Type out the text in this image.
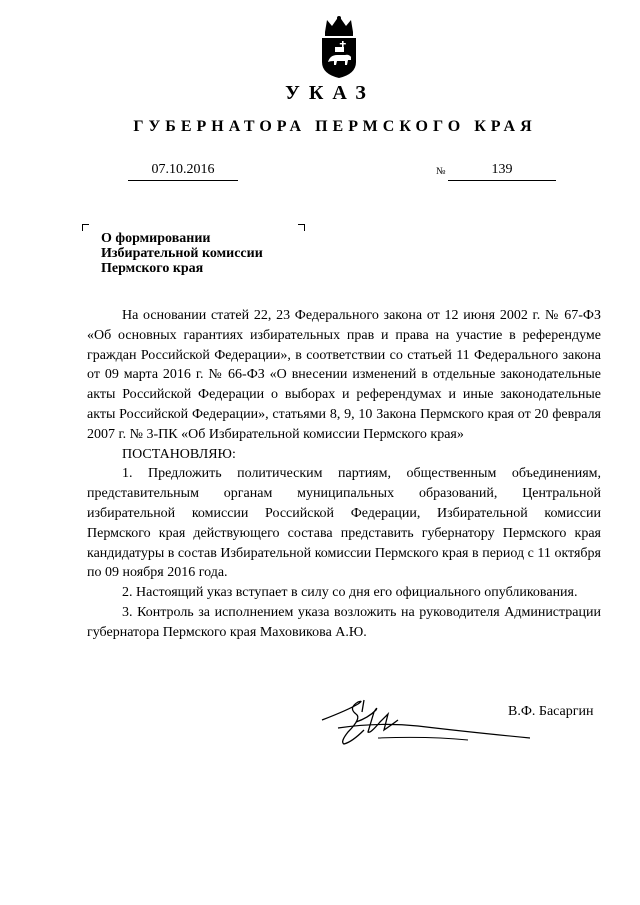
УКАЗ
ГУБЕРНАТОРА ПЕРМСКОГО КРАЯ
07.10.2016	№	139
О формировании
Избирательной комиссии
Пермского края

На основании статей 22, 23 Федерального закона от 12 июня 2002 г. № 67-ФЗ «Об основных гарантиях избирательных прав и права на участие в референдуме граждан Российской Федерации», в соответствии со статьей 11 Федерального закона от 09 марта 2016 г. № 66-ФЗ «О внесении изменений в отдельные законодательные акты Российской Федерации о выборах и референдумах и иные законодательные акты Российской Федерации», статьями 8, 9, 10 Закона Пермского края от 20 февраля 2007 г. № 3-ПК «Об Избирательной комиссии Пермского края»

ПОСТАНОВЛЯЮ:

1. Предложить политическим партиям, общественным объединениям, представительным органам муниципальных образований, Центральной избирательной комиссии Российской Федерации, Избирательной комиссии Пермского края действующего состава представить губернатору Пермского края кандидатуры в состав Избирательной комиссии Пермского края в период с 11 октября по 09 ноября 2016 года.

2. Настоящий указ вступает в силу со дня его официального опубликования.

3. Контроль за исполнением указа возложить на руководителя Администрации губернатора Пермского края Маховикова А.Ю.

В.Ф. Басаргин
